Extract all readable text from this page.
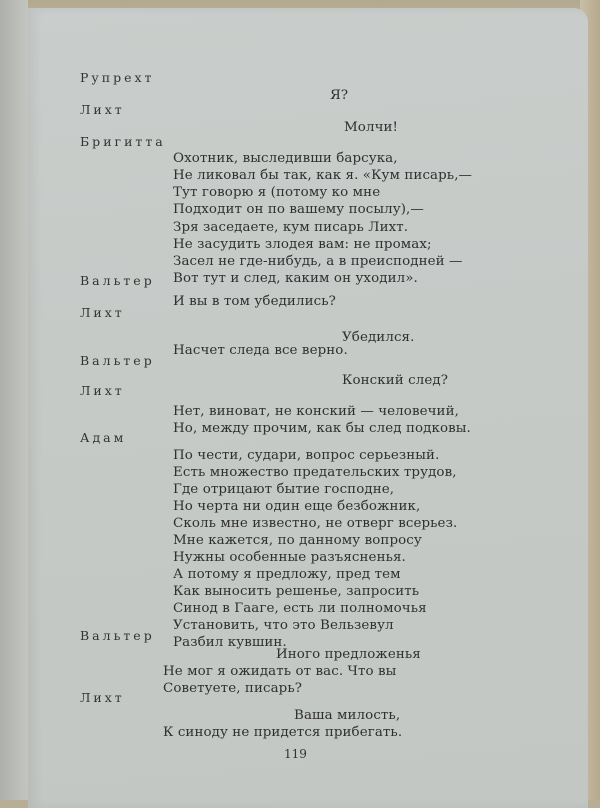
Рупрехт
Лихт
Бригитта
Вальтер
Лихт
Вальтер
Лихт
Адам
Вальтер
Лихт
Я?
Молчи!
Охотник, выследивши барсука,
Не ликовал бы так, как я. «Кум писарь,—
Тут говорю я (потому ко мне
Подходит он по вашему посылу),—
Зря заседаете, кум писарь Лихт.
Не засудить злодея вам: не промах;
Засел не где-нибудь, а в преисподней —
Вот тут и след, каким он уходил».
И вы в том убедились?
Убедился.
Насчет следа все верно.
Конский след?
Нет, виноват, не конский — человечий,
Но, между прочим, как бы след подковы.
По чести, судари, вопрос серьезный.
Есть множество предательских трудов,
Где отрицают бытие господне,
Но черта ни один еще безбожник,
Сколь мне известно, не отверг всерьез.
Мне кажется, по данному вопросу
Нужны особенные разъясненья.
А потому я предложу, пред тем
Как выносить решенье, запросить
Синод в Гааге, есть ли полномочья
Установить, что это Вельзевул
Разбил кувшин.
Иного предложенья
Не мог я ожидать от вас. Что вы
Советуете, писарь?
Ваша милость,
К синоду не придется прибегать.
119
